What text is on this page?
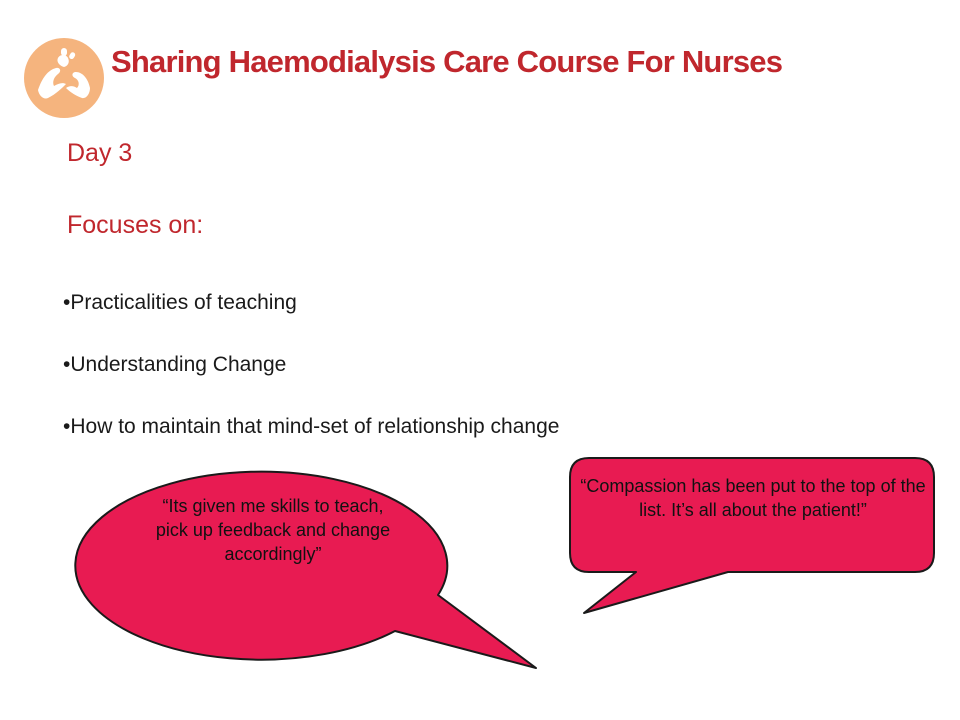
Sharing Haemodialysis Care Course For Nurses
Day 3
Focuses on:
•Practicalities of teaching
•Understanding Change
•How to maintain that mind-set of relationship change
“Its given me skills to teach, pick up feedback and change accordingly”
“Compassion has been put to the top of the list. It’s all about the patient!”
